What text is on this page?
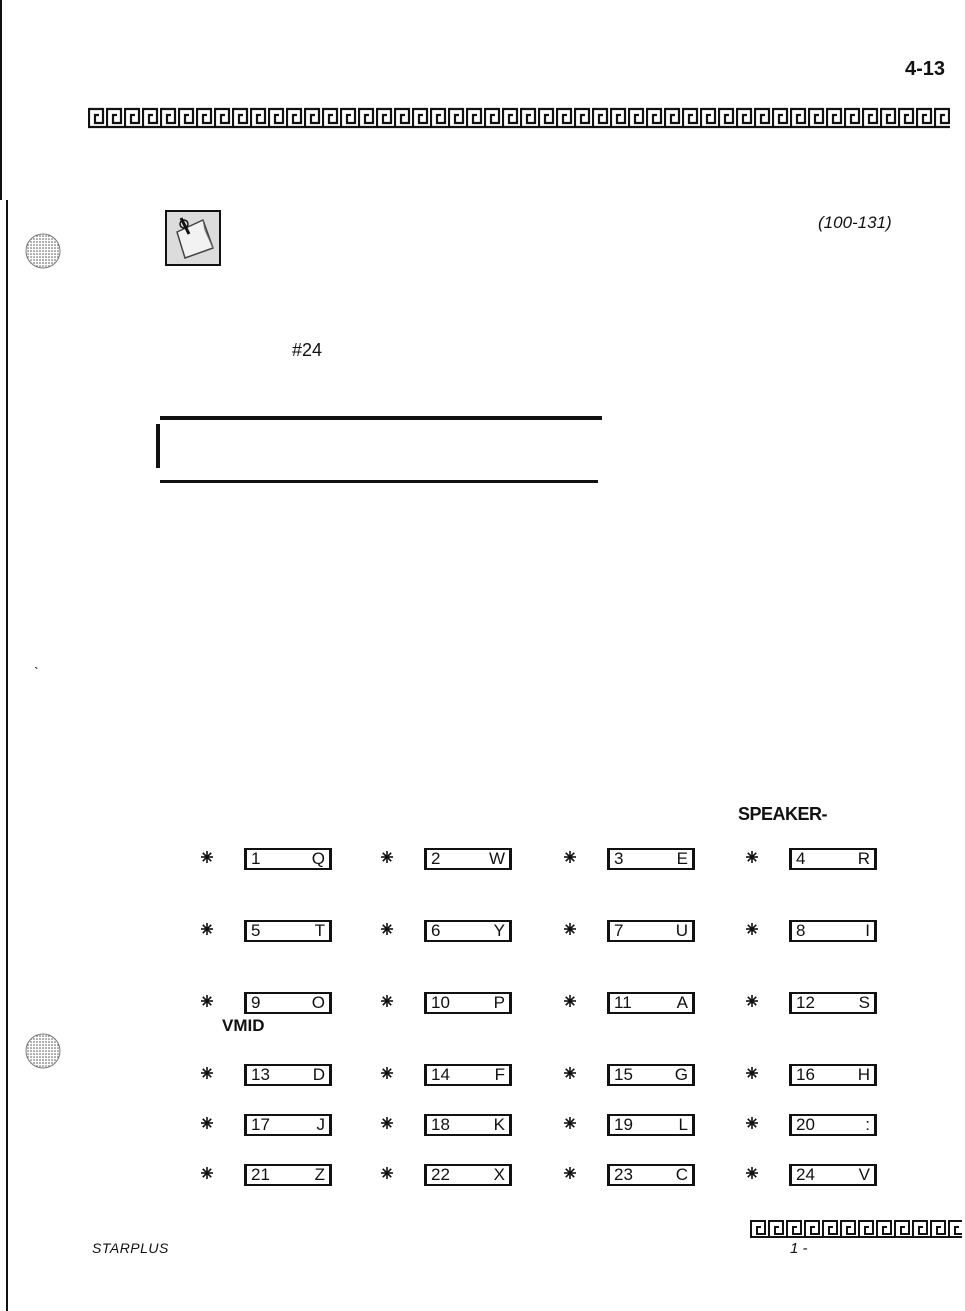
4-13
(100-131)
#24
`
SPEAKER-
VMID
1	Q	2	W	3	E	4	R
5	T	6	Y	7	U	8	I
9	O	10	P	11	A	12	S
13	D	14	F	15 G	16	H
17	J	18	K	19	L	20	:
21	Z	22	X	23	C	24	V
STARPLUS	1 -
